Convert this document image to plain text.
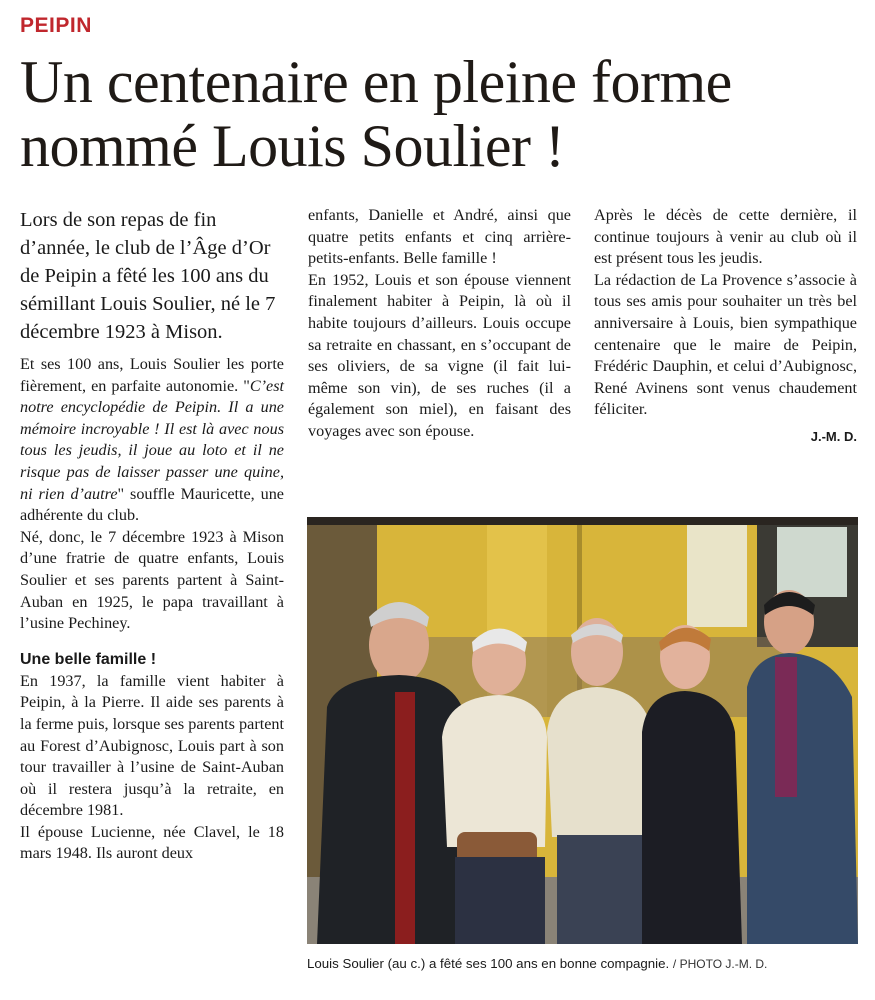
PEIPIN
Un centenaire en pleine forme nommé Louis Soulier !

Lors de son repas de fin d’année, le club de l’Âge d’Or de Peipin a fêté les 100 ans du sémillant Louis Soulier, né le 7 décembre 1923 à Mison.

Et ses 100 ans, Louis Soulier les porte fièrement, en parfaite autonomie. "C’est notre encyclopédie de Peipin. Il a une mémoire incroyable ! Il est là avec nous tous les jeudis, il joue au loto et il ne risque pas de laisser passer une quine, ni rien d’autre" souffle Mauricette, une adhérente du club.

Né, donc, le 7 décembre 1923 à Mison d’une fratrie de quatre enfants, Louis Soulier et ses parents partent à Saint-Auban en 1925, le papa travaillant à l’usine Pechiney.

Une belle famille !

En 1937, la famille vient habiter à Peipin, à la Pierre. Il aide ses parents à la ferme puis, lorsque ses parents partent au Forest d’Aubignosc, Louis part à son tour travailler à l’usine de Saint-Auban où il restera jusqu’à la retraite, en décembre 1981.

Il épouse Lucienne, née Clavel, le 18 mars 1948. Ils auront deux

enfants, Danielle et André, ainsi que quatre petits enfants et cinq arrière-petits-enfants. Belle famille !

En 1952, Louis et son épouse viennent finalement habiter à Peipin, là où il habite toujours d’ailleurs. Louis occupe sa retraite en chassant, en s’occupant de ses oliviers, de sa vigne (il fait lui-même son vin), de ses ruches (il a également son miel), en faisant des voyages avec son épouse.

Après le décès de cette dernière, il continue toujours à venir au club où il est présent tous les jeudis.

La rédaction de La Provence s’associe à tous ses amis pour souhaiter un très bel anniversaire à Louis, bien sympathique centenaire que le maire de Peipin, Frédéric Dauphin, et celui d’Aubignosc, René Avinens sont venus chaudement féliciter.

J.-M. D.

Louis Soulier (au c.) a fêté ses 100 ans en bonne compagnie. / PHOTO J.-M. D.
